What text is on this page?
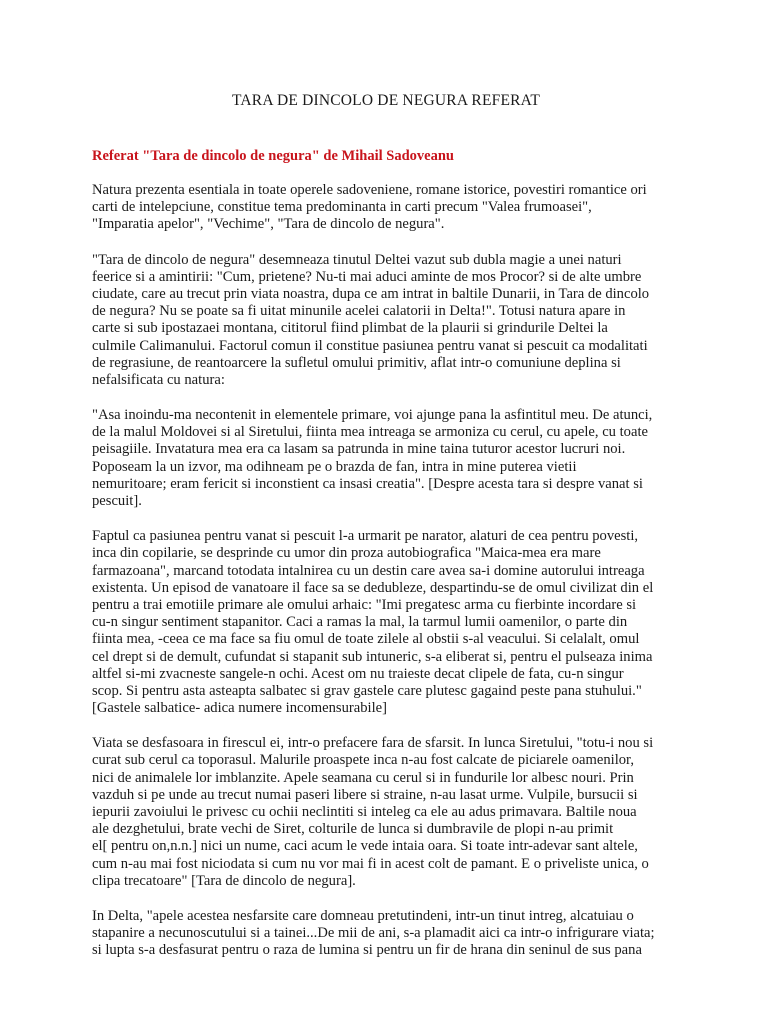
TARA DE DINCOLO DE NEGURA REFERAT
Referat "Tara de dincolo de negura" de Mihail Sadoveanu

Natura prezenta esentiala in toate operele sadoveniene, romane istorice, povestiri romantice ori
carti de intelepciune, constitue tema predominanta in carti precum "Valea frumoasei",
"Imparatia apelor", "Vechime", "Tara de dincolo de negura".

"Tara de dincolo de negura" desemneaza tinutul Deltei vazut sub dubla magie a unei naturi
feerice si a amintirii: "Cum, prietene? Nu-ti mai aduci aminte de mos Procor? si de alte umbre
ciudate, care au trecut prin viata noastra, dupa ce am intrat in baltile Dunarii, in Tara de dincolo
de negura? Nu se poate sa fi uitat minunile acelei calatorii in Delta!". Totusi natura apare in
carte si sub ipostazaei montana, cititorul fiind plimbat de la plaurii si grindurile Deltei la
culmile Calimanului. Factorul comun il constitue pasiunea pentru vanat si pescuit ca modalitati
de regrasiune, de reantoarcere la sufletul omului primitiv, aflat intr-o comuniune deplina si
nefalsificata cu natura:

"Asa inoindu-ma necontenit in elementele primare, voi ajunge pana la asfintitul meu. De atunci,
de la malul Moldovei si al Siretului, fiinta mea intreaga se armoniza cu cerul, cu apele, cu toate
peisagiile. Invatatura mea era ca lasam sa patrunda in mine taina tuturor acestor lucruri noi.
Poposeam la un izvor, ma odihneam pe o brazda de fan, intra in mine puterea vietii
nemuritoare; eram fericit si inconstient ca insasi creatia". [Despre acesta tara si despre vanat si
pescuit].

Faptul ca pasiunea pentru vanat si pescuit l-a urmarit pe narator, alaturi de cea pentru povesti,
inca din copilarie, se desprinde cu umor din proza autobiografica "Maica-mea era mare
farmazoana", marcand totodata intalnirea cu un destin care avea sa-i domine autorului intreaga
existenta. Un episod de vanatoare il face sa se dedubleze, despartindu-se de omul civilizat din el
pentru a trai emotiile primare ale omului arhaic: "Imi pregatesc arma cu fierbinte incordare si
cu-n singur sentiment stapanitor. Caci a ramas la mal, la tarmul lumii oamenilor, o parte din
fiinta mea, -ceea ce ma face sa fiu omul de toate zilele al obstii s-al veacului. Si celalalt, omul
cel drept si de demult, cufundat si stapanit sub intuneric, s-a eliberat si, pentru el pulseaza inima
altfel si-mi zvacneste sangele-n ochi. Acest om nu traieste decat clipele de fata, cu-n singur
scop. Si pentru asta asteapta salbatec si grav gastele care plutesc gagaind peste pana stuhului."
[Gastele salbatice- adica numere incomensurabile]

Viata se desfasoara in firescul ei, intr-o prefacere fara de sfarsit. In lunca Siretului, "totu-i nou si
curat sub cerul ca toporasul. Malurile proaspete inca n-au fost calcate de piciarele oamenilor,
nici de animalele lor imblanzite. Apele seamana cu cerul si in fundurile lor albesc nouri. Prin
vazduh si pe unde au trecut numai paseri libere si straine, n-au lasat urme. Vulpile, bursucii si
iepurii zavoiului le privesc cu ochii neclintiti si inteleg ca ele au adus primavara. Baltile noua
ale dezghetului, brate vechi de Siret, colturile de lunca si dumbravile de plopi n-au primit
el[ pentru on,n.n.] nici un nume, caci acum le vede intaia oara. Si toate intr-adevar sant altele,
cum n-au mai fost niciodata si cum nu vor mai fi in acest colt de pamant. E o priveliste unica, o
clipa trecatoare" [Tara de dincolo de negura].

In Delta, "apele acestea nesfarsite care domneau pretutindeni, intr-un tinut intreg, alcatuiau o
stapanire a necunoscutului si a tainei...De mii de ani, s-a plamadit aici ca intr-o infrigurare viata;
si lupta s-a desfasurat pentru o raza de lumina si pentru un fir de hrana din seninul de sus pana
